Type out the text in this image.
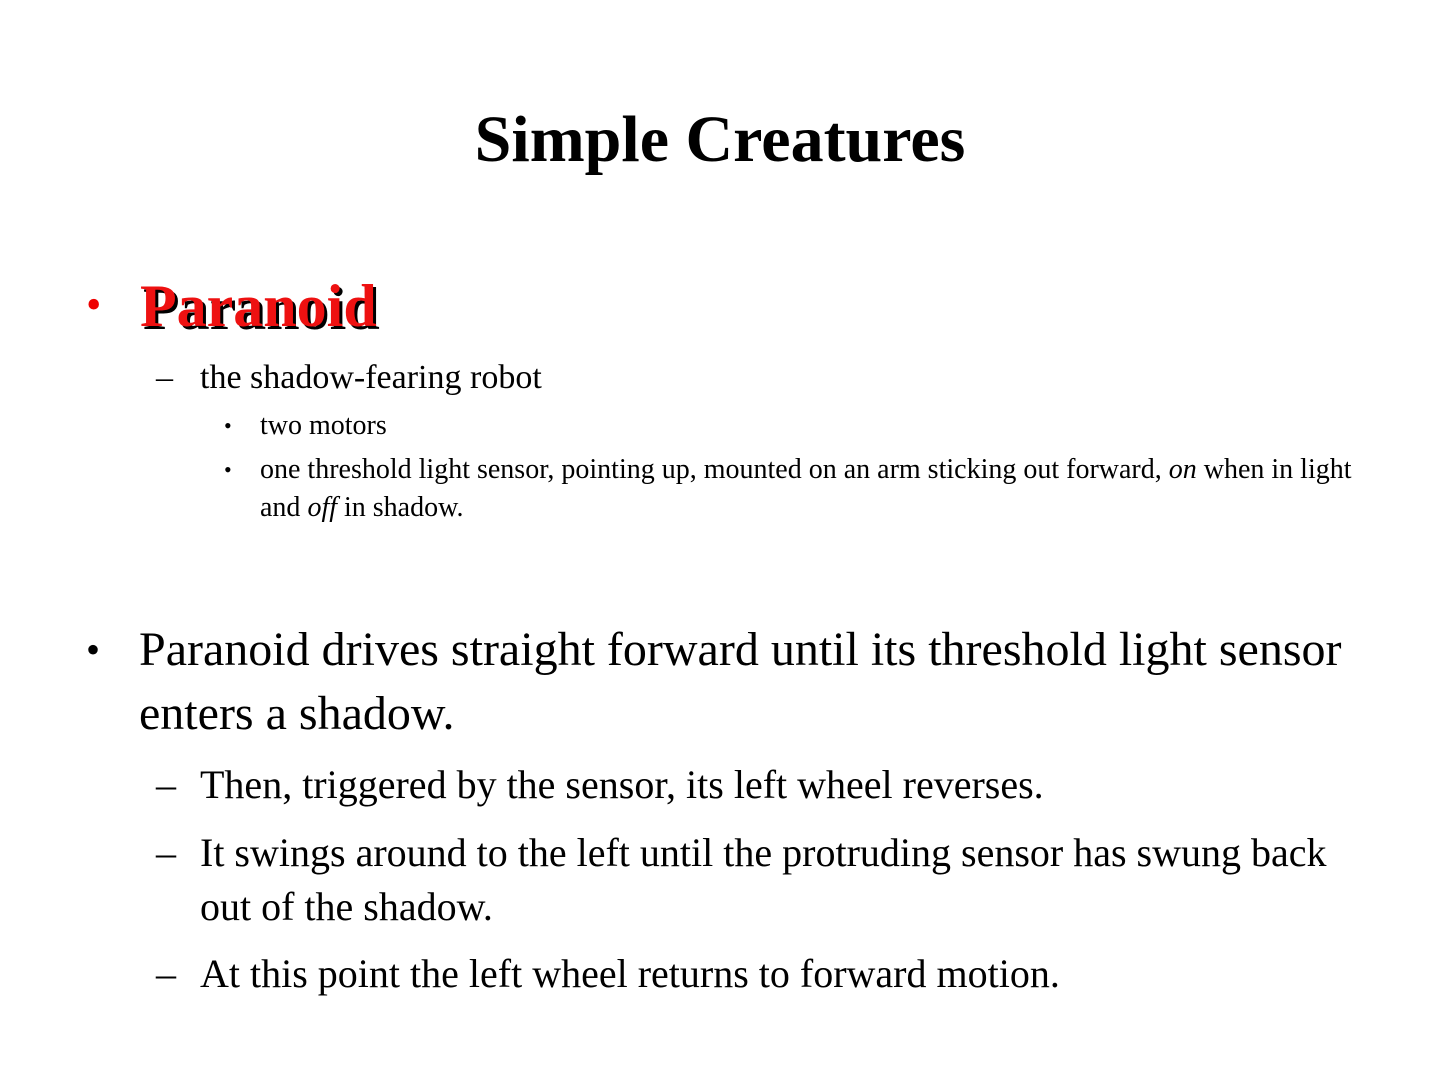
Simple Creatures
• Paranoid
– the shadow-fearing robot
• two motors
• one threshold light sensor, pointing up, mounted on an arm sticking out forward, on when in light and off in shadow.
• Paranoid drives straight forward until its threshold light sensor enters a shadow.
– Then, triggered by the sensor, its left wheel reverses.
– It swings around to the left until the protruding sensor has swung back out of the shadow.
– At this point the left wheel returns to forward motion.
